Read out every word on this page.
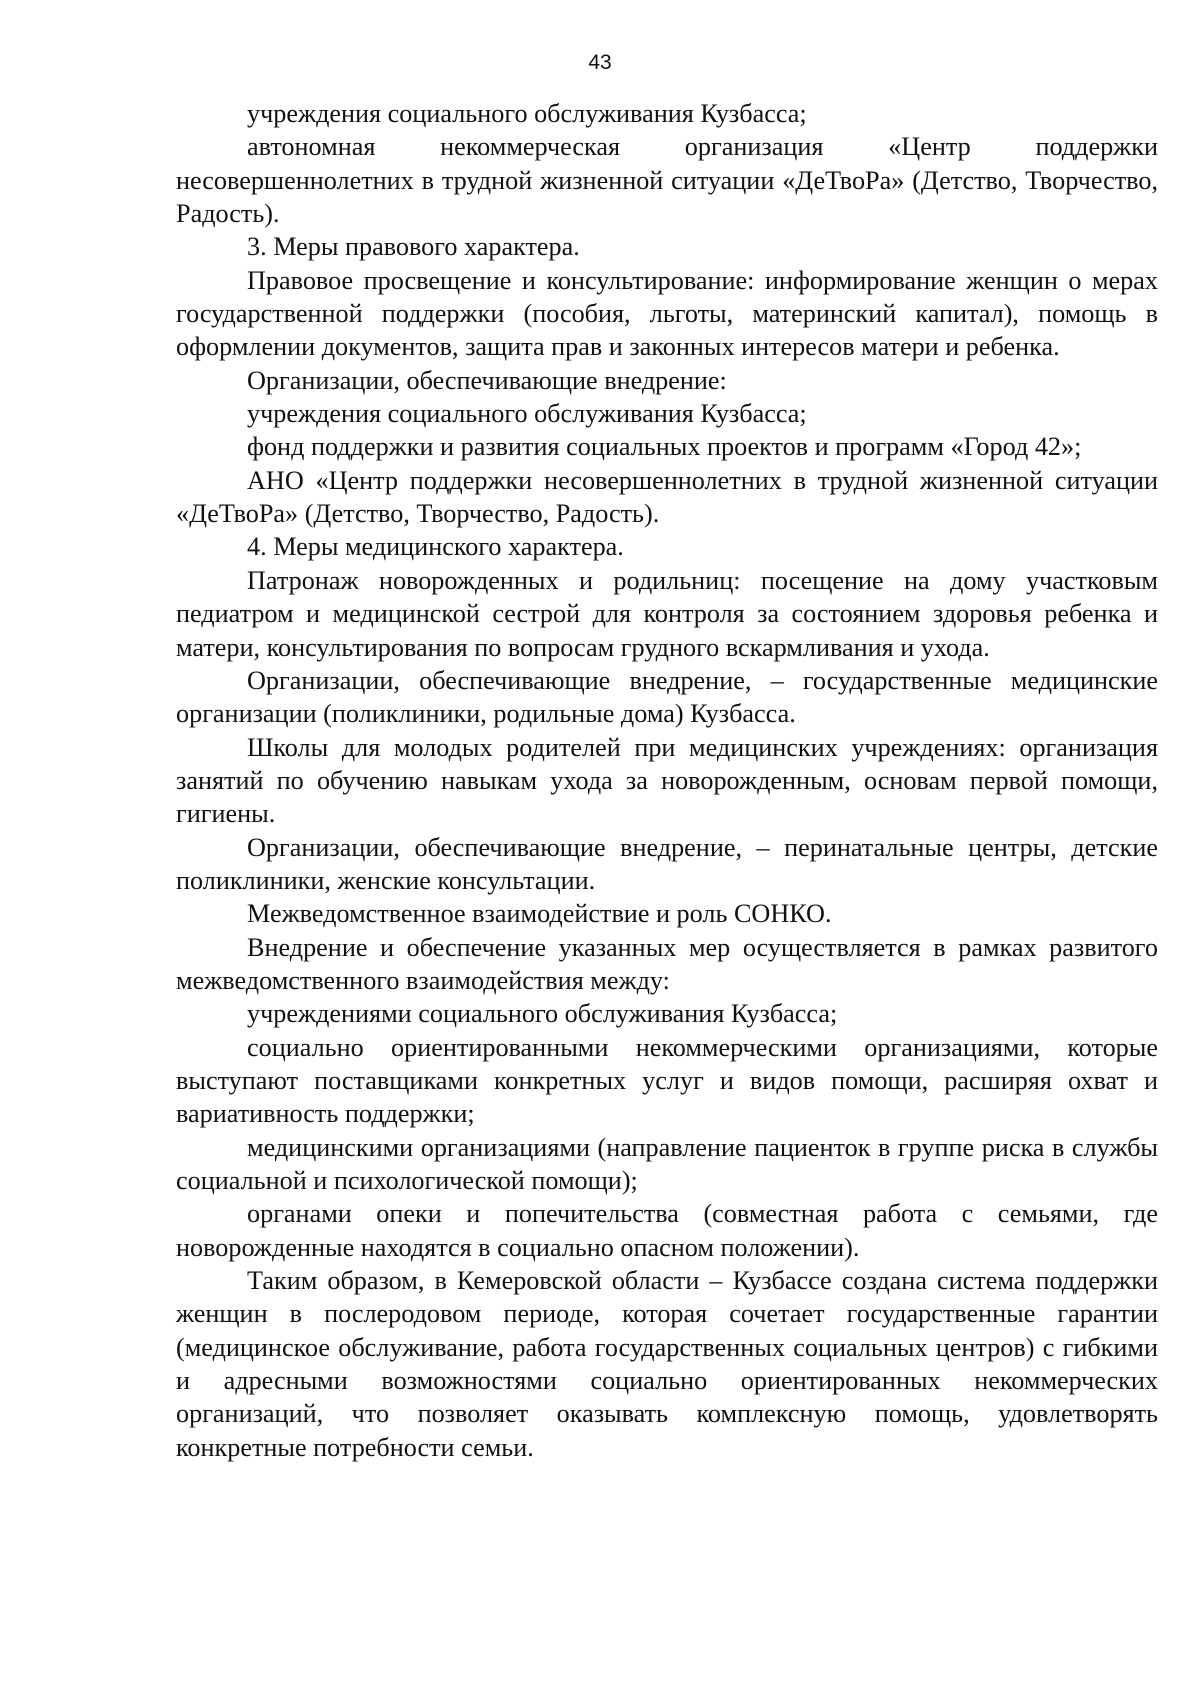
43

учреждения социального обслуживания Кузбасса;

автономная некоммерческая организация «Центр поддержки несовершеннолетних в трудной жизненной ситуации «ДеТвоРа» (Детство, Творчество, Радость).

3. Меры правового характера.

Правовое просвещение и консультирование: информирование женщин о мерах государственной поддержки (пособия, льготы, материнский капитал), помощь в оформлении документов, защита прав и законных интересов матери и ребенка.

Организации, обеспечивающие внедрение:

учреждения социального обслуживания Кузбасса;

фонд поддержки и развития социальных проектов и программ «Город 42»;

АНО «Центр поддержки несовершеннолетних в трудной жизненной ситуации «ДеТвоРа» (Детство, Творчество, Радость).

4. Меры медицинского характера.

Патронаж новорожденных и родильниц: посещение на дому участковым педиатром и медицинской сестрой для контроля за состоянием здоровья ребенка и матери, консультирования по вопросам грудного вскармливания и ухода.

Организации, обеспечивающие внедрение, – государственные медицинские организации (поликлиники, родильные дома) Кузбасса.

Школы для молодых родителей при медицинских учреждениях: организация занятий по обучению навыкам ухода за новорожденным, основам первой помощи, гигиены.

Организации, обеспечивающие внедрение, – перинатальные центры, детские поликлиники, женские консультации.

Межведомственное взаимодействие и роль СОНКО.

Внедрение и обеспечение указанных мер осуществляется в рамках развитого межведомственного взаимодействия между:

учреждениями социального обслуживания Кузбасса;

социально ориентированными некоммерческими организациями, которые выступают поставщиками конкретных услуг и видов помощи, расширяя охват и вариативность поддержки;

медицинскими организациями (направление пациенток в группе риска в службы социальной и психологической помощи);

органами опеки и попечительства (совместная работа с семьями, где новорожденные находятся в социально опасном положении).

Таким образом, в Кемеровской области – Кузбассе создана система поддержки женщин в послеродовом периоде, которая сочетает государственные гарантии (медицинское обслуживание, работа государственных социальных центров) с гибкими и адресными возможностями социально ориентированных некоммерческих организаций, что позволяет оказывать комплексную помощь, удовлетворять конкретные потребности семьи.
